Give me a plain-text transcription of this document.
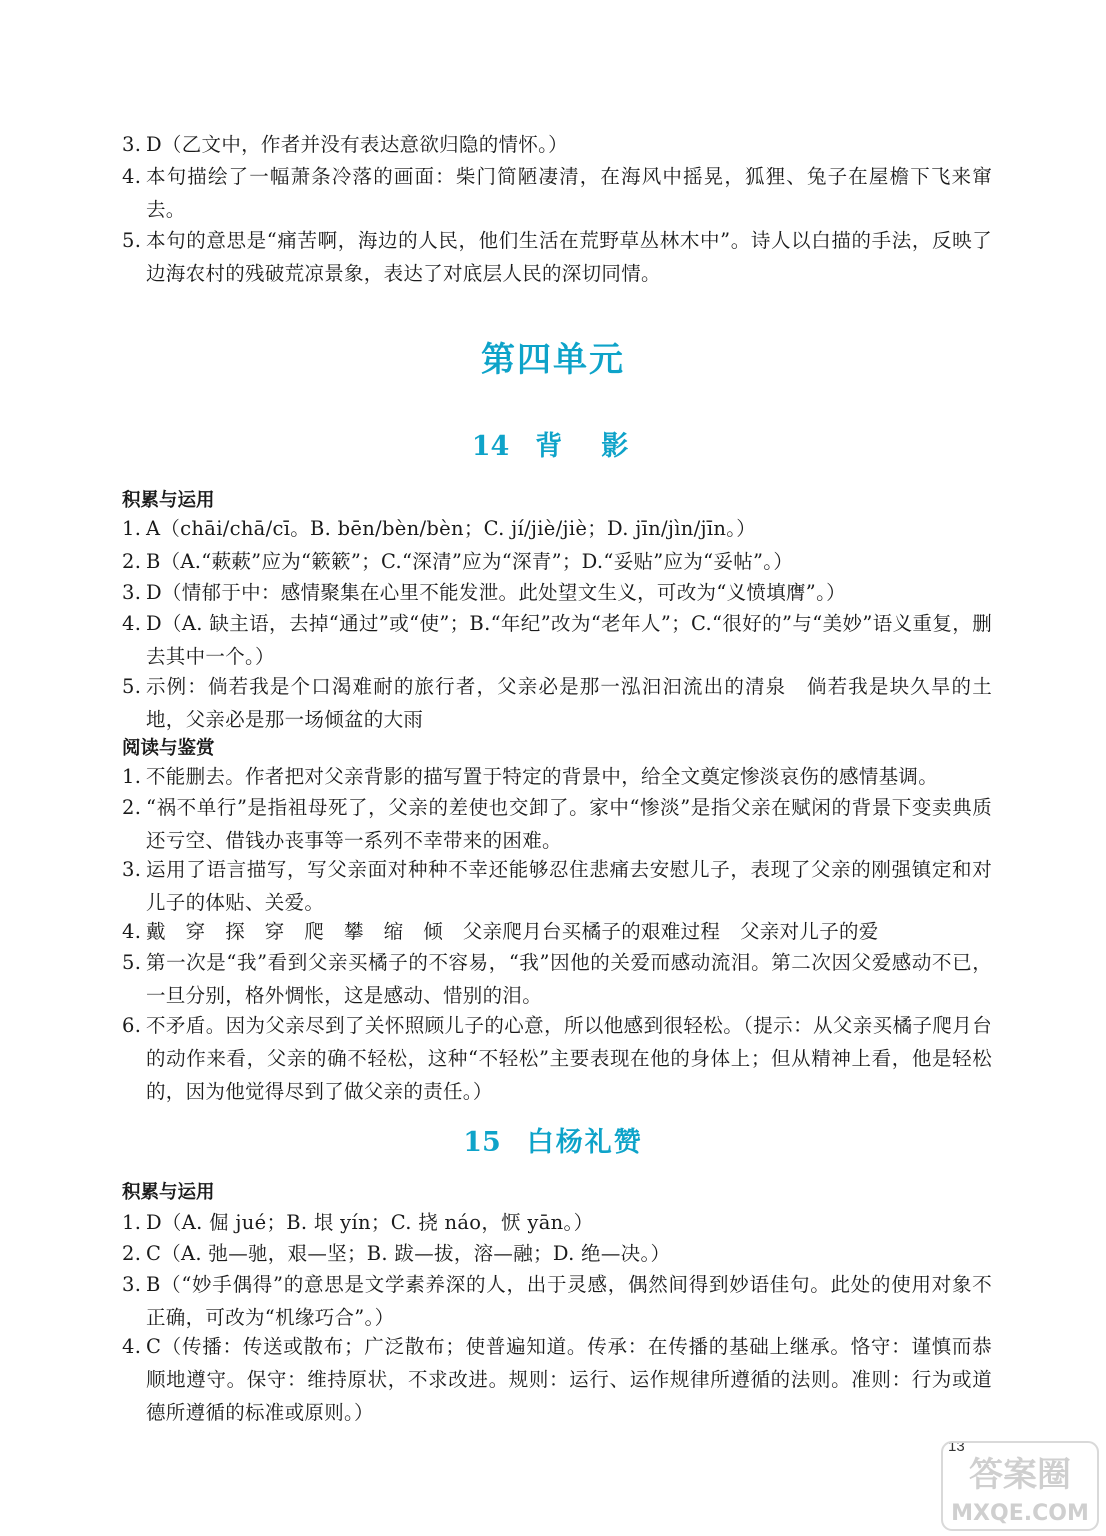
3. D（乙文中，作者并没有表达意欲归隐的情怀。）
4. 本句描绘了一幅萧条冷落的画面：柴门简陋凄清，在海风中摇晃，狐狸、兔子在屋檐下飞来窜去。
5. 本句的意思是“痛苦啊，海边的人民，他们生活在荒野草丛林木中”。诗人以白描的手法，反映了边海农村的残破荒凉景象，表达了对底层人民的深切同情。
第四单元
14 背　影
积累与运用
1. A（chāi/chā/cī。B. bēn/bèn/bèn；C. jí/jiè/jiè；D. jīn/jìn/jīn。）
2. B（A.“蔌蔌”应为“簌簌”；C.“深清”应为“深青”；D.“妥贴”应为“妥帖”。）
3. D（情郁于中：感情聚集在心里不能发泄。此处望文生义，可改为“义愤填膺”。）
4. D（A. 缺主语，去掉“通过”或“使”；B.“年纪”改为“老年人”；C.“很好的”与“美妙”语义重复，删去其中一个。）
5. 示例：倘若我是个口渴难耐的旅行者，父亲必是那一泓汩汩流出的清泉　倘若我是块久旱的土地，父亲必是那一场倾盆的大雨
阅读与鉴赏
1. 不能删去。作者把对父亲背影的描写置于特定的背景中，给全文奠定惨淡哀伤的感情基调。
2. “祸不单行”是指祖母死了，父亲的差使也交卸了。家中“惨淡”是指父亲在赋闲的背景下变卖典质还亏空、借钱办丧事等一系列不幸带来的困难。
3. 运用了语言描写，写父亲面对种种不幸还能够忍住悲痛去安慰儿子，表现了父亲的刚强镇定和对儿子的体贴、关爱。
4. 戴　穿　探　穿　爬　攀　缩　倾　父亲爬月台买橘子的艰难过程　父亲对儿子的爱
5. 第一次是“我”看到父亲买橘子的不容易，“我”因他的关爱而感动流泪。第二次因父爱感动不已，一旦分别，格外惆怅，这是感动、惜别的泪。
6. 不矛盾。因为父亲尽到了关怀照顾儿子的心意，所以他感到很轻松。（提示：从父亲买橘子爬月台的动作来看，父亲的确不轻松，这种“不轻松”主要表现在他的身体上；但从精神上看，他是轻松的，因为他觉得尽到了做父亲的责任。）
15 白杨礼赞
积累与运用
1. D（A. 倔 jué；B. 垠 yín；C. 挠 náo，恹 yān。）
2. C（A. 弛—驰，艰—坚；B. 跋—拔，溶—融；D. 绝—决。）
3. B（“妙手偶得”的意思是文学素养深的人，出于灵感，偶然间得到妙语佳句。此处的使用对象不正确，可改为“机缘巧合”。）
4. C（传播：传送或散布；广泛散布；使普遍知道。传承：在传播的基础上继承。恪守：谨慎而恭顺地遵守。保守：维持原状，不求改进。规则：运行、运作规律所遵循的法则。准则：行为或道德所遵循的标准或原则。）
13
答案圈
MXQE.COM
